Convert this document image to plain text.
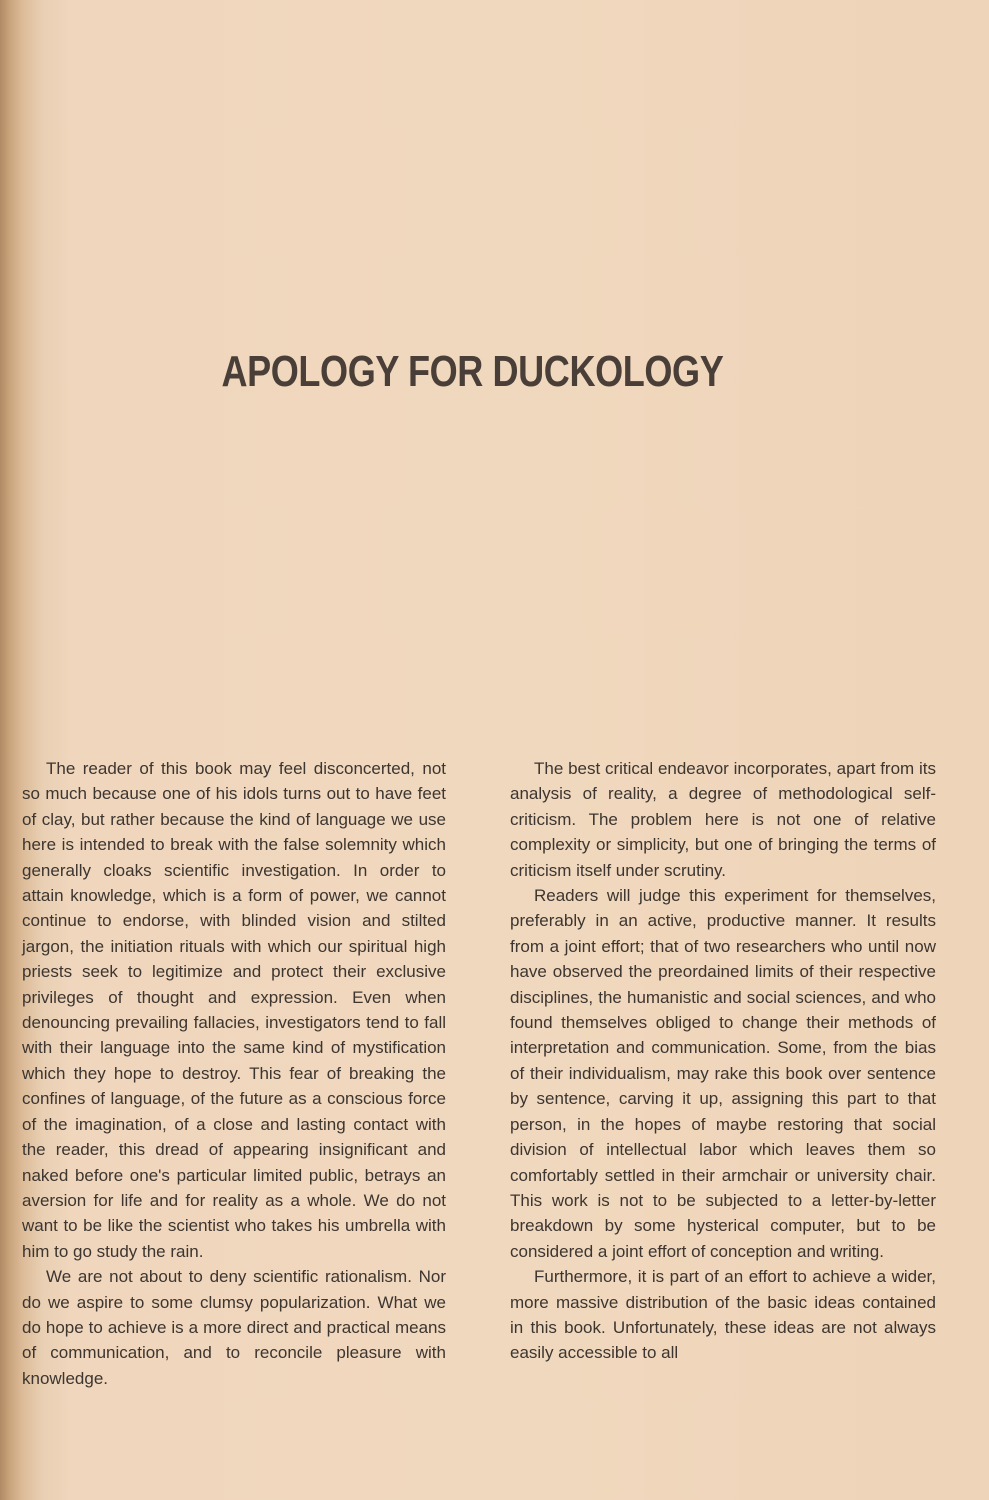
APOLOGY FOR DUCKOLOGY

The reader of this book may feel disconcerted, not so much because one of his idols turns out to have feet of clay, but rather because the kind of language we use here is intended to break with the false solemnity which generally cloaks scientific investigation. In order to attain knowledge, which is a form of power, we cannot continue to endorse, with blinded vision and stilted jargon, the initiation rituals with which our spiritual high priests seek to legitimize and protect their exclusive privileges of thought and expression. Even when denouncing prevailing fallacies, investigators tend to fall with their language into the same kind of mystification which they hope to destroy. This fear of breaking the confines of language, of the future as a conscious force of the imagination, of a close and lasting contact with the reader, this dread of appearing insignificant and naked before one's particular limited public, betrays an aversion for life and for reality as a whole. We do not want to be like the scientist who takes his umbrella with him to go study the rain.

We are not about to deny scientific rationalism. Nor do we aspire to some clumsy popularization. What we do hope to achieve is a more direct and practical means of communication, and to reconcile pleasure with knowledge.

The best critical endeavor incorporates, apart from its analysis of reality, a degree of methodological self-criticism. The problem here is not one of relative complexity or simplicity, but one of bringing the terms of criticism itself under scrutiny.

Readers will judge this experiment for themselves, preferably in an active, productive manner. It results from a joint effort; that of two researchers who until now have observed the preordained limits of their respective disciplines, the humanistic and social sciences, and who found themselves obliged to change their methods of interpretation and communication. Some, from the bias of their individualism, may rake this book over sentence by sentence, carving it up, assigning this part to that person, in the hopes of maybe restoring that social division of intellectual labor which leaves them so comfortably settled in their armchair or university chair. This work is not to be subjected to a letter-by-letter breakdown by some hysterical computer, but to be considered a joint effort of conception and writing.

Furthermore, it is part of an effort to achieve a wider, more massive distribution of the basic ideas contained in this book. Unfortunately, these ideas are not always easily accessible to all
